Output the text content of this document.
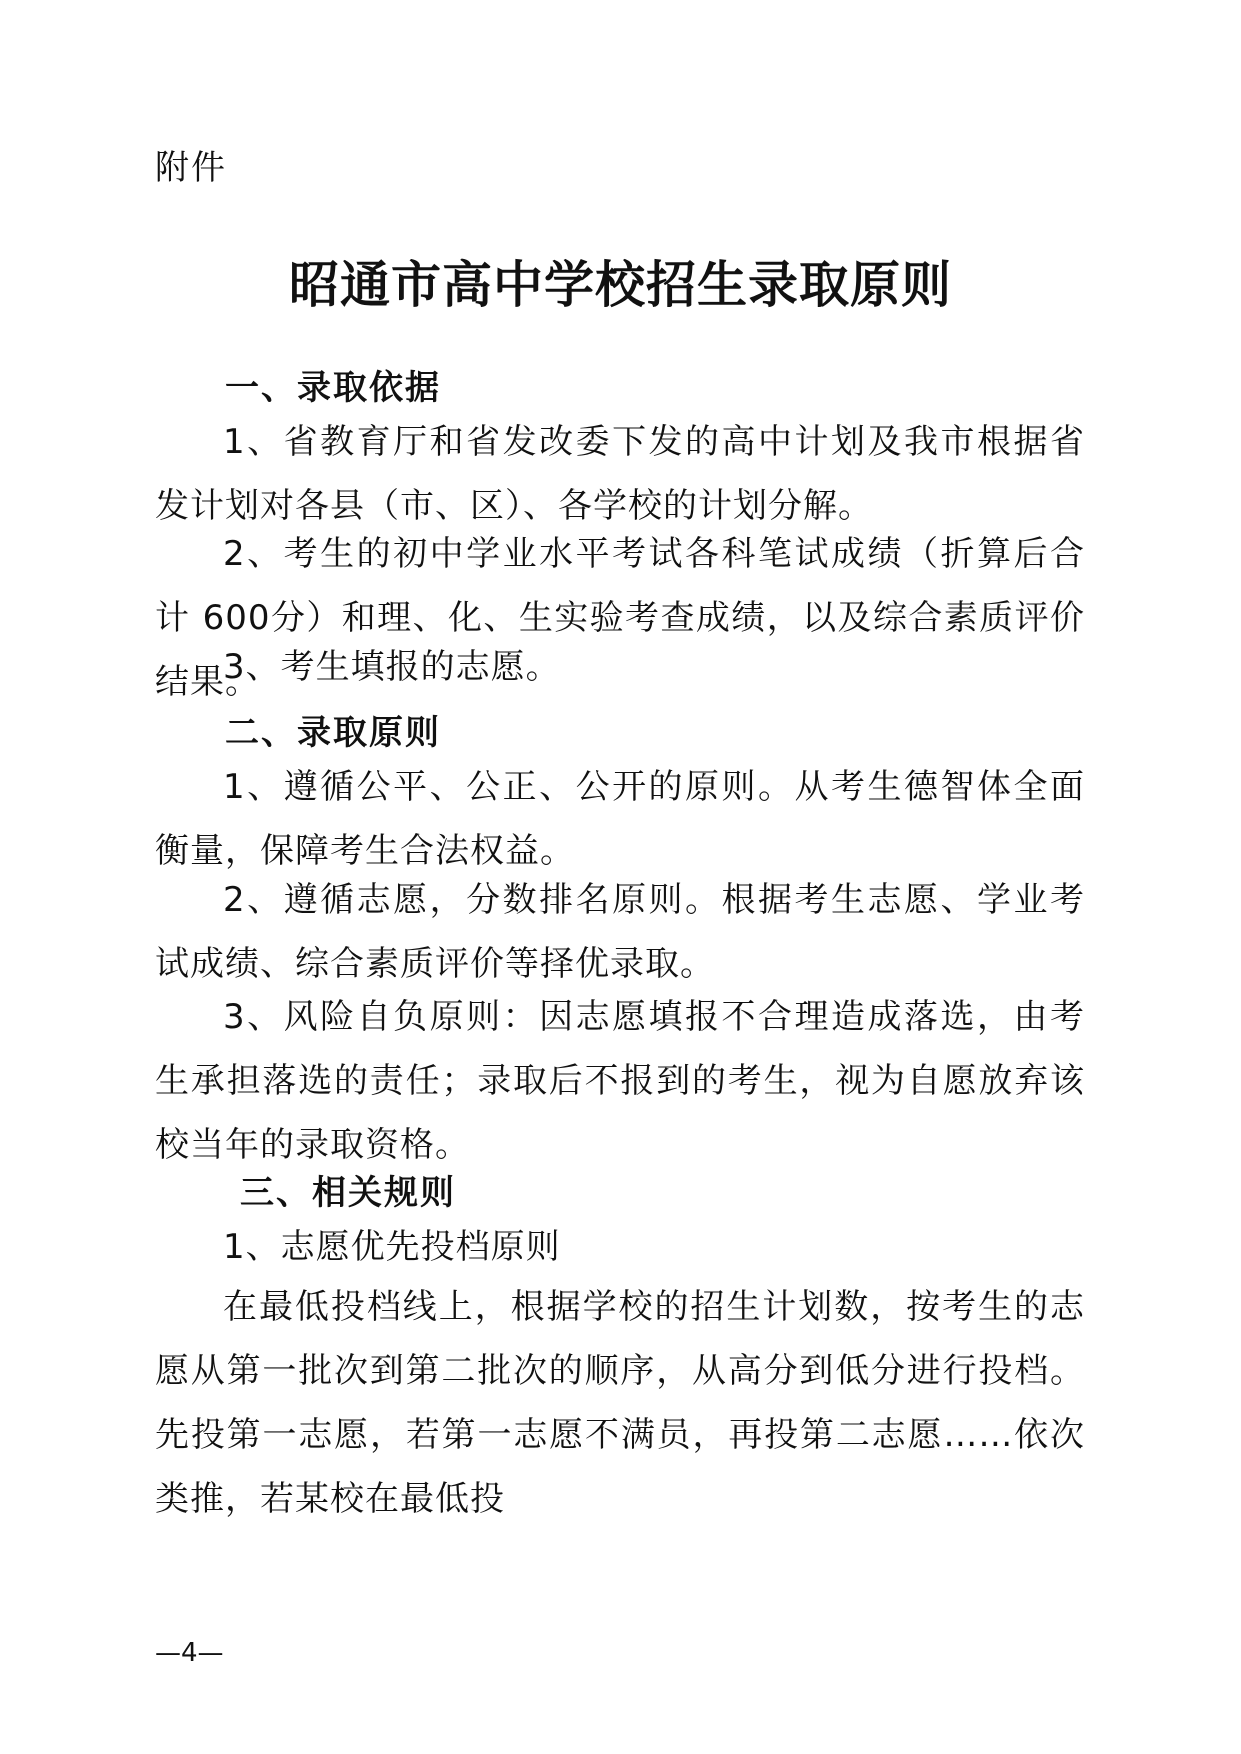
附件
昭通市高中学校招生录取原则
一、录取依据
1、省教育厅和省发改委下发的高中计划及我市根据省发计划对各县（市、区）、各学校的计划分解。
2、考生的初中学业水平考试各科笔试成绩（折算后合计 600分）和理、化、生实验考查成绩，以及综合素质评价结果。
3、考生填报的志愿。
二、录取原则
1、遵循公平、公正、公开的原则。从考生德智体全面衡量，保障考生合法权益。
2、遵循志愿，分数排名原则。根据考生志愿、学业考试成绩、综合素质评价等择优录取。
3、风险自负原则：因志愿填报不合理造成落选，由考生承担落选的责任；录取后不报到的考生，视为自愿放弃该校当年的录取资格。
三、相关规则
1、志愿优先投档原则
在最低投档线上，根据学校的招生计划数，按考生的志愿从第一批次到第二批次的顺序，从高分到低分进行投档。先投第一志愿，若第一志愿不满员，再投第二志愿……依次类推，若某校在最低投
—4—
